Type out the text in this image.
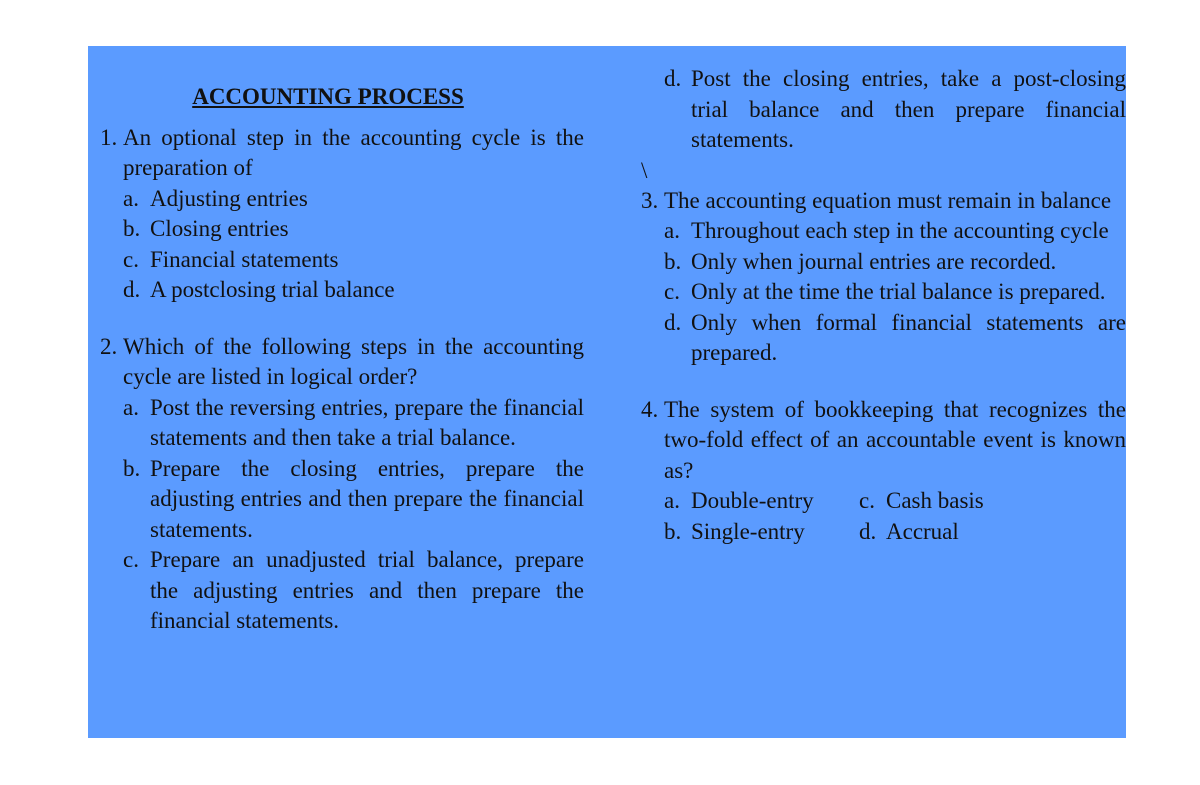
ACCOUNTING PROCESS
1. An optional step in the accounting cycle is the preparation of
a. Adjusting entries
b. Closing entries
c. Financial statements
d. A postclosing trial balance
2. Which of the following steps in the accounting cycle are listed in logical order?
a. Post the reversing entries, prepare the financial statements and then take a trial balance.
b. Prepare the closing entries, prepare the adjusting entries and then prepare the financial statements.
c. Prepare an unadjusted trial balance, prepare the adjusting entries and then prepare the financial statements.
d. Post the closing entries, take a post-closing trial balance and then prepare financial statements.
\
3. The accounting equation must remain in balance
a. Throughout each step in the accounting cycle
b. Only when journal entries are recorded.
c. Only at the time the trial balance is prepared.
d. Only when formal financial statements are prepared.
4. The system of bookkeeping that recognizes the two-fold effect of an accountable event is known as?
a. Double-entry c. Cash basis
b. Single-entry d. Accrual
